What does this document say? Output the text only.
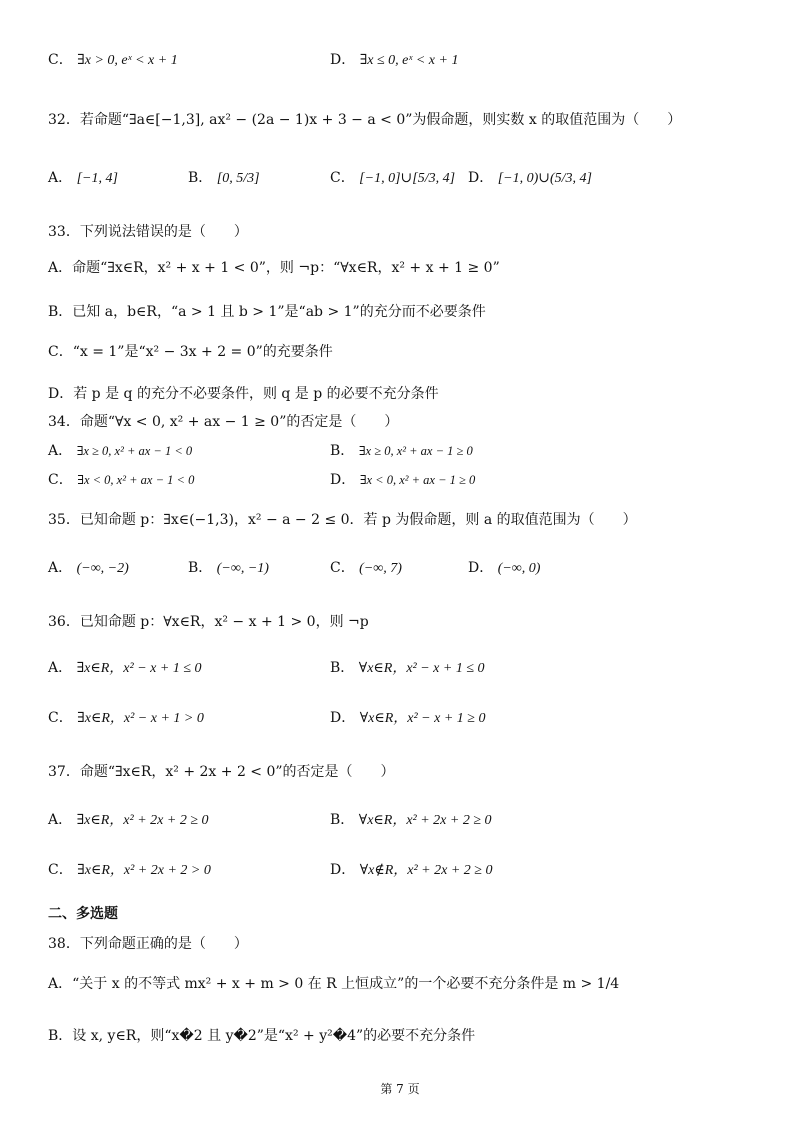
C． ∃x > 0, eˣ < x + 1	D． ∃x ≤ 0, eˣ < x + 1
32．若命题“∃a∈[−1,3], ax² − (2a − 1)x + 3 − a < 0”为假命题，则实数 x 的取值范围为（　　）
A． [−1, 4]	B． [0, 5/3]	C． [−1, 0]∪[5/3, 4] D． [−1, 0)∪(5/3, 4]
33．下列说法错误的是（　　）
A．命题“∃x∈R，x² + x + 1 < 0”，则 ¬p：“∀x∈R，x² + x + 1 ≥ 0”
B．已知 a，b∈R，“a > 1 且 b > 1”是“ab > 1”的充分而不必要条件
C．“x = 1”是“x² − 3x + 2 = 0”的充要条件
D．若 p 是 q 的充分不必要条件，则 q 是 p 的必要不充分条件
34．命题“∀x < 0, x² + ax − 1 ≥ 0”的否定是（　　）
A． ∃x ≥ 0, x² + ax − 1 < 0	B． ∃x ≥ 0, x² + ax − 1 ≥ 0
C． ∃x < 0, x² + ax − 1 < 0	D． ∃x < 0, x² + ax − 1 ≥ 0
35．已知命题 p：∃x∈(−1,3)，x² − a − 2 ≤ 0．若 p 为假命题，则 a 的取值范围为（　　）
A． (−∞, −2)	B． (−∞, −1)	C． (−∞, 7)	D． (−∞, 0)
36．已知命题 p：∀x∈R，x² − x + 1 > 0，则 ¬p
A． ∃x∈R，x² − x + 1 ≤ 0	B． ∀x∈R，x² − x + 1 ≤ 0
C． ∃x∈R，x² − x + 1 > 0	D． ∀x∈R，x² − x + 1 ≥ 0
37．命题“∃x∈R，x² + 2x + 2 < 0”的否定是（　　）
A． ∃x∈R，x² + 2x + 2 ≥ 0	B． ∀x∈R，x² + 2x + 2 ≥ 0
C． ∃x∈R，x² + 2x + 2 > 0	D． ∀x∉R，x² + 2x + 2 ≥ 0
二、多选题
38．下列命题正确的是（　　）
A．“关于 x 的不等式 mx² + x + m > 0 在 R 上恒成立”的一个必要不充分条件是 m > 1/4
B．设 x, y∈R，则“x�2 且 y�2”是“x² + y²�4”的必要不充分条件
第 7 页
